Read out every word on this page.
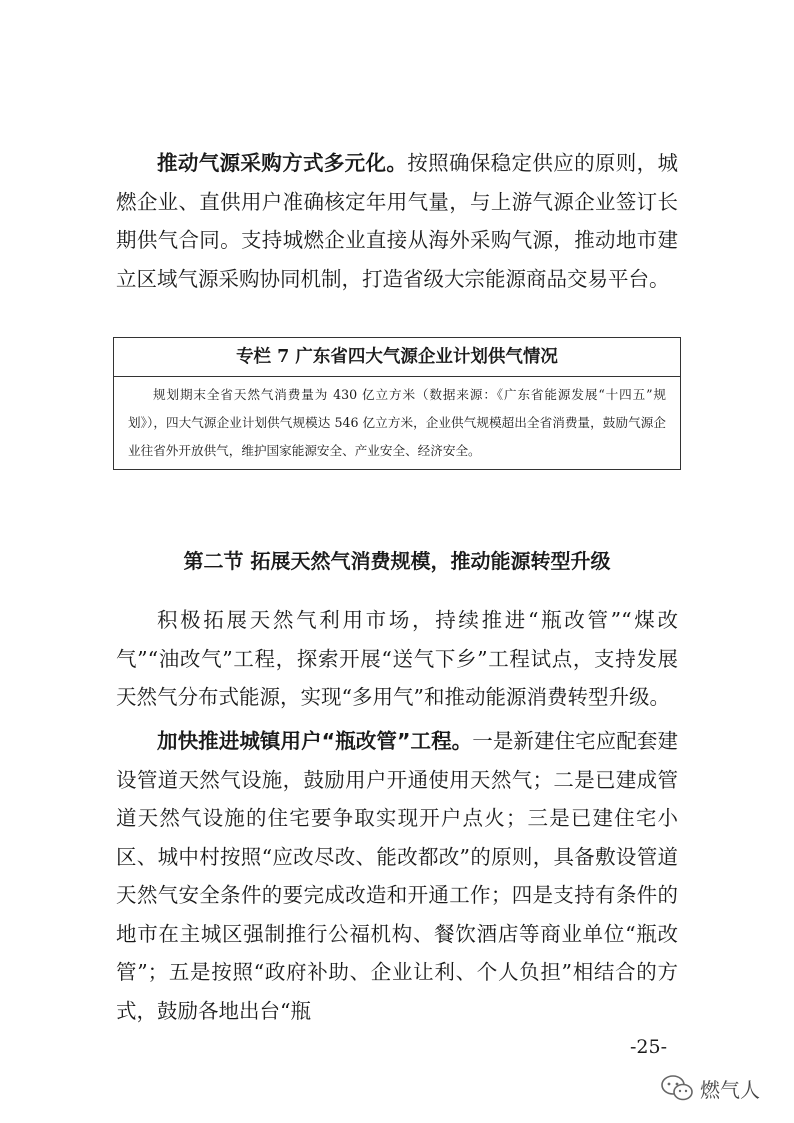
推动气源采购方式多元化。按照确保稳定供应的原则，城燃企业、直供用户准确核定年用气量，与上游气源企业签订长期供气合同。支持城燃企业直接从海外采购气源，推动地市建立区域气源采购协同机制，打造省级大宗能源商品交易平台。

专栏 7 广东省四大气源企业计划供气情况
规划期末全省天然气消费量为 430 亿立方米（数据来源：《广东省能源发展“十四五”规划》），四大气源企业计划供气规模达 546 亿立方米，企业供气规模超出全省消费量，鼓励气源企业往省外开放供气，维护国家能源安全、产业安全、经济安全。
第二节 拓展天然气消费规模，推动能源转型升级

积极拓展天然气利用市场，持续推进“瓶改管”“煤改气”“油改气”工程，探索开展“送气下乡”工程试点，支持发展天然气分布式能源，实现“多用气”和推动能源消费转型升级。

加快推进城镇用户“瓶改管”工程。一是新建住宅应配套建设管道天然气设施，鼓励用户开通使用天然气；二是已建成管道天然气设施的住宅要争取实现开户点火；三是已建住宅小区、城中村按照“应改尽改、能改都改”的原则，具备敷设管道天然气安全条件的要完成改造和开通工作；四是支持有条件的地市在主城区强制推行公福机构、餐饮酒店等商业单位“瓶改管”；五是按照“政府补助、企业让利、个人负担”相结合的方式，鼓励各地出台“瓶

-25-
燃气人
